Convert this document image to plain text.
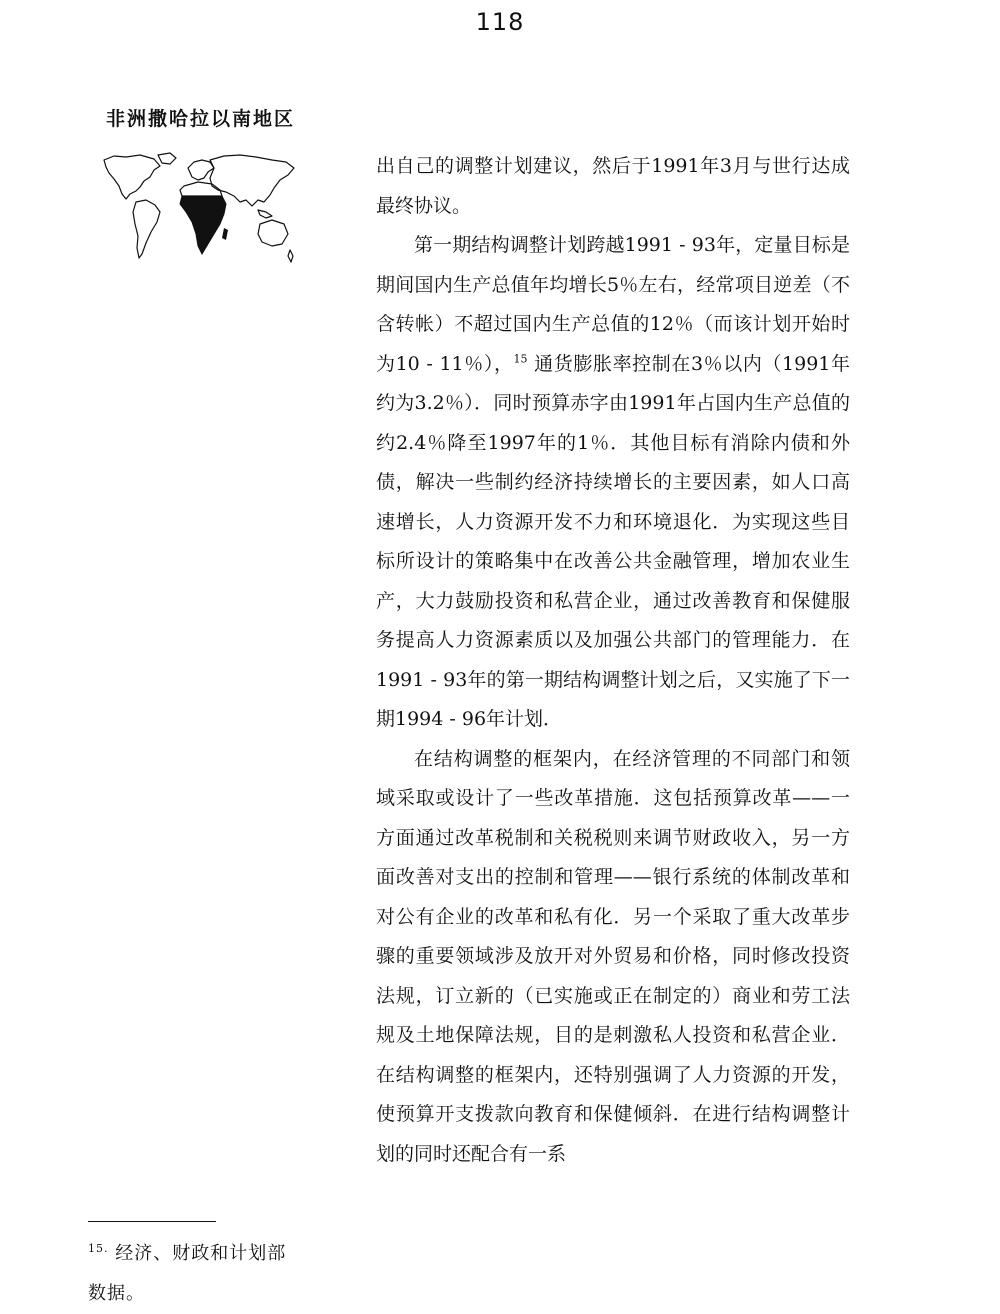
118
非洲撒哈拉以南地区

出自己的调整计划建议，然后于1991年3月与世行达成最终协议。

第一期结构调整计划跨越1991 - 93年，定量目标是期间国内生产总值年均增长5％左右，经常项目逆差（不含转帐）不超过国内生产总值的12％（而该计划开始时为10 - 11％），$^{15}$ 通货膨胀率控制在3％以内（1991年约为3.2％）．同时预算赤字由1991年占国内生产总值的约2.4％降至1997年的1％．其他目标有消除内债和外债，解决一些制约经济持续增长的主要因素，如人口高速增长，人力资源开发不力和环境退化．为实现这些目标所设计的策略集中在改善公共金融管理，增加农业生产，大力鼓励投资和私营企业，通过改善教育和保健服务提高人力资源素质以及加强公共部门的管理能力．在1991 - 93年的第一期结构调整计划之后，又实施了下一期1994 - 96年计划．

在结构调整的框架内，在经济管理的不同部门和领域采取或设计了一些改革措施．这包括预算改革——一方面通过改革税制和关税税则来调节财政收入，另一方面改善对支出的控制和管理——银行系统的体制改革和对公有企业的改革和私有化．另一个采取了重大改革步骤的重要领域涉及放开对外贸易和价格，同时修改投资法规，订立新的（已实施或正在制定的）商业和劳工法规及土地保障法规，目的是刺激私人投资和私营企业．在结构调整的框架内，还特别强调了人力资源的开发，使预算开支拨款向教育和保健倾斜．在进行结构调整计划的同时还配合有一系

$^{15.}$ 经济、财政和计划部数据。
